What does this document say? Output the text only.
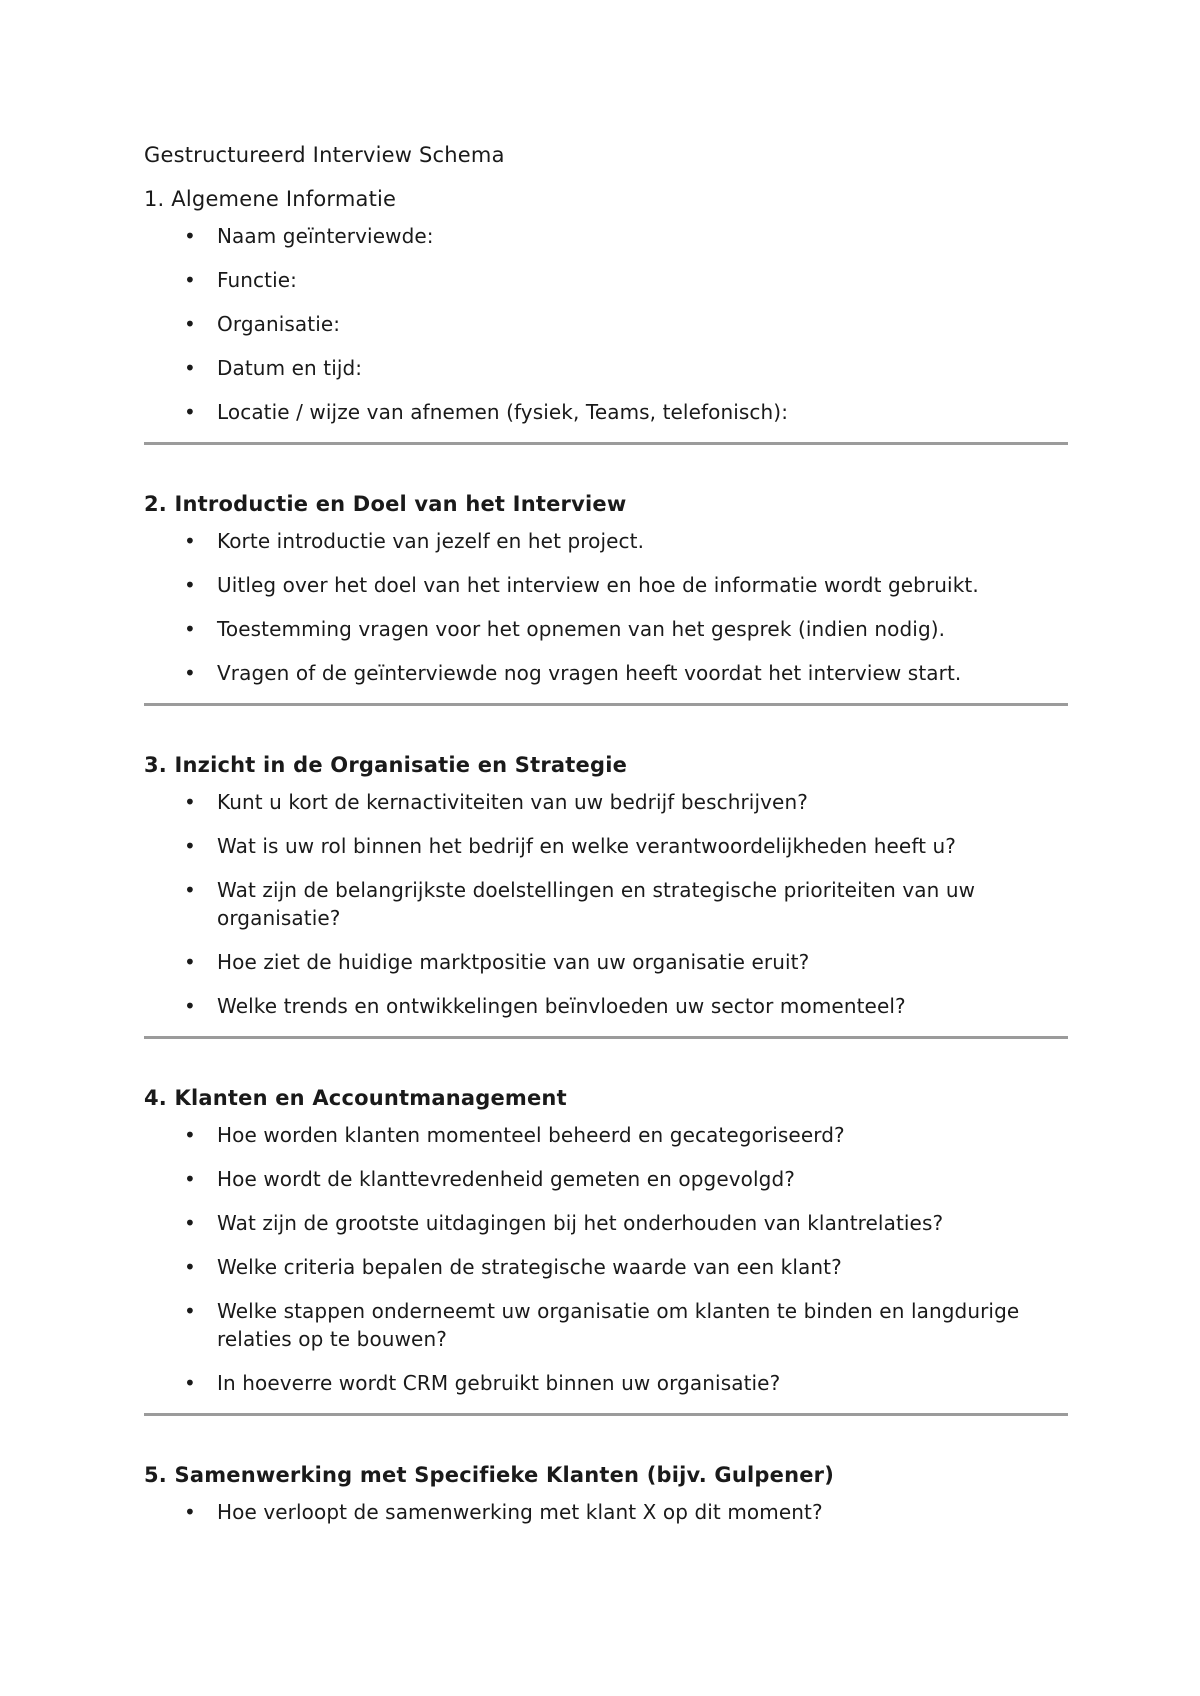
Gestructureerd Interview Schema
1. Algemene Informatie
• Naam geïnterviewde:
• Functie:
• Organisatie:
• Datum en tijd:
• Locatie / wijze van afnemen (fysiek, Teams, telefonisch):
2. Introductie en Doel van het Interview
• Korte introductie van jezelf en het project.
• Uitleg over het doel van het interview en hoe de informatie wordt gebruikt.
• Toestemming vragen voor het opnemen van het gesprek (indien nodig).
• Vragen of de geïnterviewde nog vragen heeft voordat het interview start.
3. Inzicht in de Organisatie en Strategie
• Kunt u kort de kernactiviteiten van uw bedrijf beschrijven?
• Wat is uw rol binnen het bedrijf en welke verantwoordelijkheden heeft u?
• Wat zijn de belangrijkste doelstellingen en strategische prioriteiten van uw organisatie?
• Hoe ziet de huidige marktpositie van uw organisatie eruit?
• Welke trends en ontwikkelingen beïnvloeden uw sector momenteel?
4. Klanten en Accountmanagement
• Hoe worden klanten momenteel beheerd en gecategoriseerd?
• Hoe wordt de klanttevredenheid gemeten en opgevolgd?
• Wat zijn de grootste uitdagingen bij het onderhouden van klantrelaties?
• Welke criteria bepalen de strategische waarde van een klant?
• Welke stappen onderneemt uw organisatie om klanten te binden en langdurige relaties op te bouwen?
• In hoeverre wordt CRM gebruikt binnen uw organisatie?
5. Samenwerking met Specifieke Klanten (bijv. Gulpener)
• Hoe verloopt de samenwerking met klant X op dit moment?
